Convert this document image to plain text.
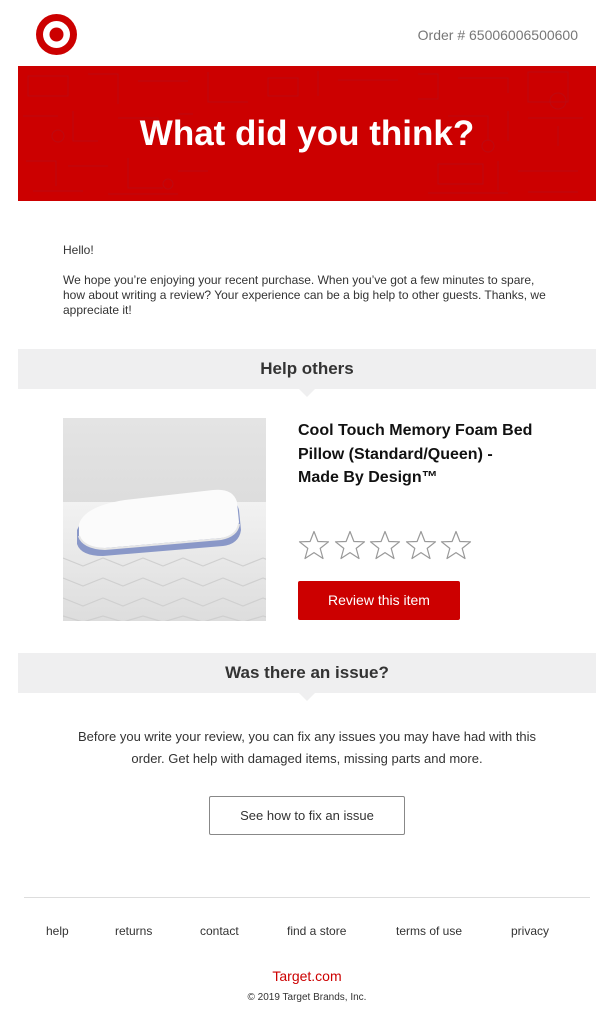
Order # 65006006500600
What did you think?

Hello!

We hope you’re enjoying your recent purchase. When you’ve got a few minutes to spare, how about writing a review? Your experience can be a big help to other guests. Thanks, we appreciate it!

Help others
Cool Touch Memory Foam Bed Pillow (Standard/Queen) - Made By Design™
Review this item
Was there an issue?
Before you write your review, you can fix any issues you may have had with this order. Get help with damaged items, missing parts and more.
See how to fix an issue
help	returns	contact	find a store	terms of use	privacy
Target.com
© 2019 Target Brands, Inc.
